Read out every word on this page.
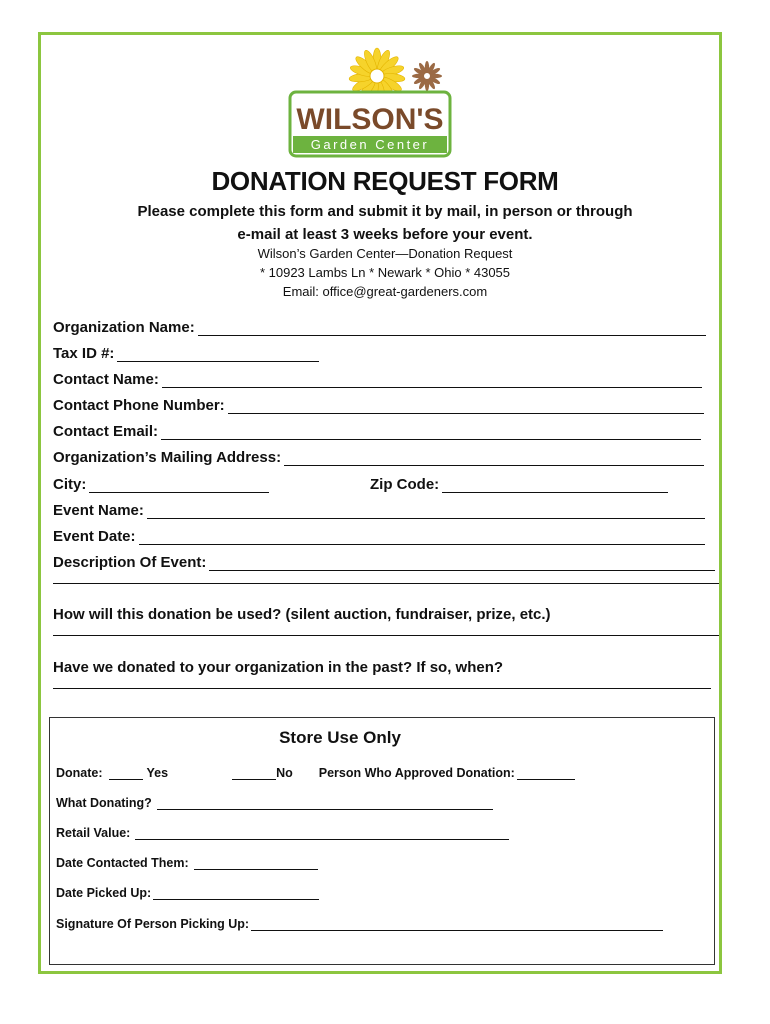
WILSON'S
Garden Center
DONATION REQUEST FORM
Please complete this form and submit it by mail, in person or through
e-mail at least 3 weeks before your event.
Wilson’s Garden Center—Donation Request
* 10923 Lambs Ln * Newark * Ohio * 43055
Email: office@great-gardeners.com
Organization Name:
Tax ID #:
Contact Name:
Contact Phone Number:
Contact Email:
Organization’s Mailing Address:
City:	Zip Code:
Event Name:
Event Date:
Description Of Event:
How will this donation be used? (silent auction, fundraiser, prize, etc.)
Have we donated to your organization in the past? If so, when?
Store Use Only
Donate:	Yes	No Person Who Approved Donation:
What Donating?
Retail Value:
Date Contacted Them:
Date Picked Up:
Signature Of Person Picking Up:
